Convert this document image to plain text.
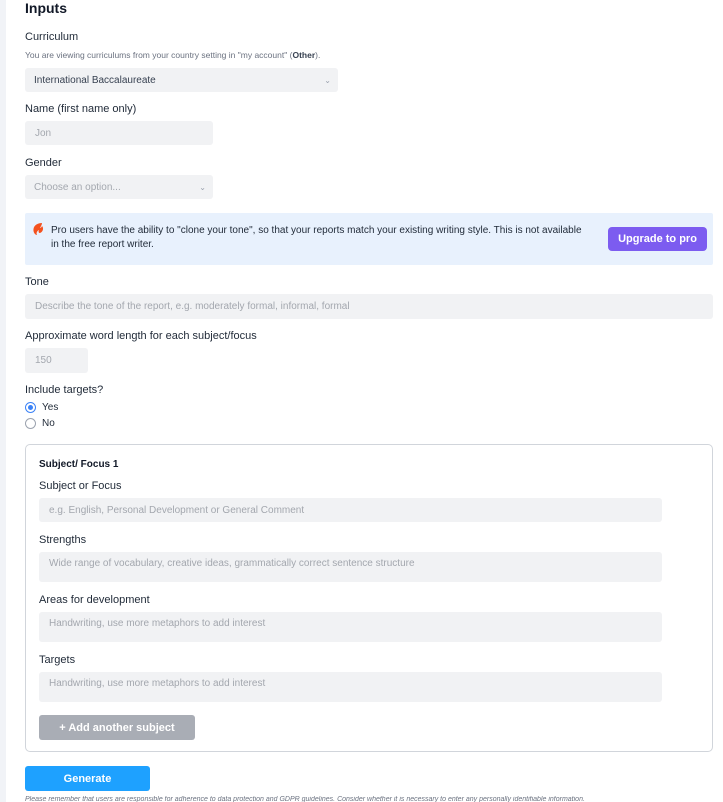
Inputs
Curriculum
You are viewing curriculums from your country setting in "my account" (Other).
International Baccalaureate	⌄
Name (first name only)
Jon
Gender
Choose an option...	⌄
Pro users have the ability to "clone your tone", so that your reports match your existing writing style. This is not available in the free report writer.	Upgrade to pro
Tone
Describe the tone of the report, e.g. moderately formal, informal, formal
Approximate word length for each subject/focus
150
Include targets?
Yes
No
Subject/ Focus 1
Subject or Focus
e.g. English, Personal Development or General Comment
Strengths
Wide range of vocabulary, creative ideas, grammatically correct sentence structure
Areas for development
Handwriting, use more metaphors to add interest
Targets
Handwriting, use more metaphors to add interest
+ Add another subject
Generate
Please remember that users are responsible for adherence to data protection and GDPR guidelines. Consider whether it is necessary to enter any personally identifiable information.
